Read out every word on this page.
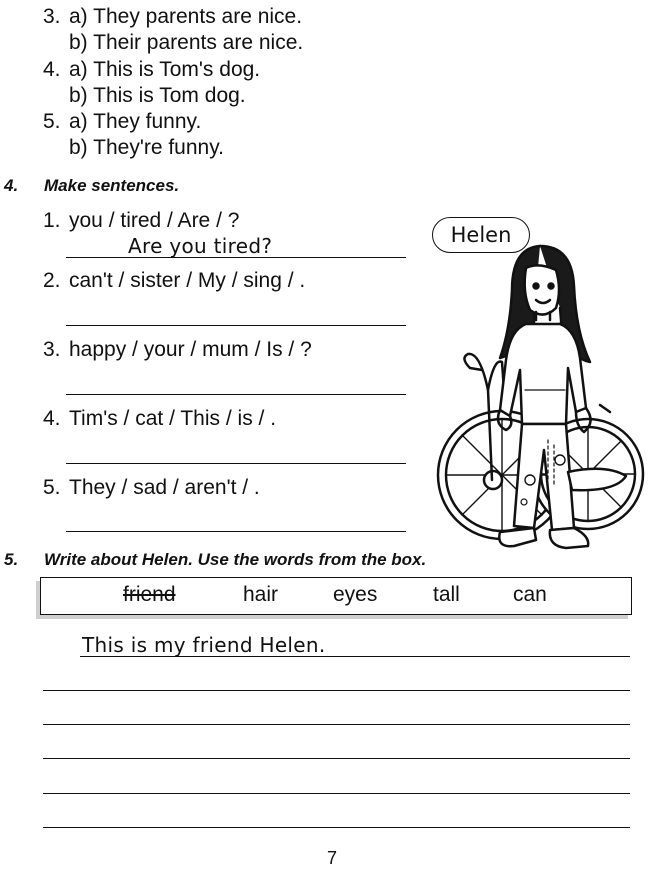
3. a) They parents are nice.
b) Their parents are nice.
4. a) This is Tom's dog.
b) This is Tom dog.
5. a) They funny.
b) They're funny.
4. Make sentences.
1. you / tired / Are / ?
Are you tired?
2. can't / sister / My / sing / .
3. happy / your / mum / Is / ?
4. Tim's / cat / This / is / .
5. They / sad / aren't / .
Helen
5. Write about Helen. Use the words from the box.
friend	hair	eyes	tall	can
This is my friend Helen.
7
